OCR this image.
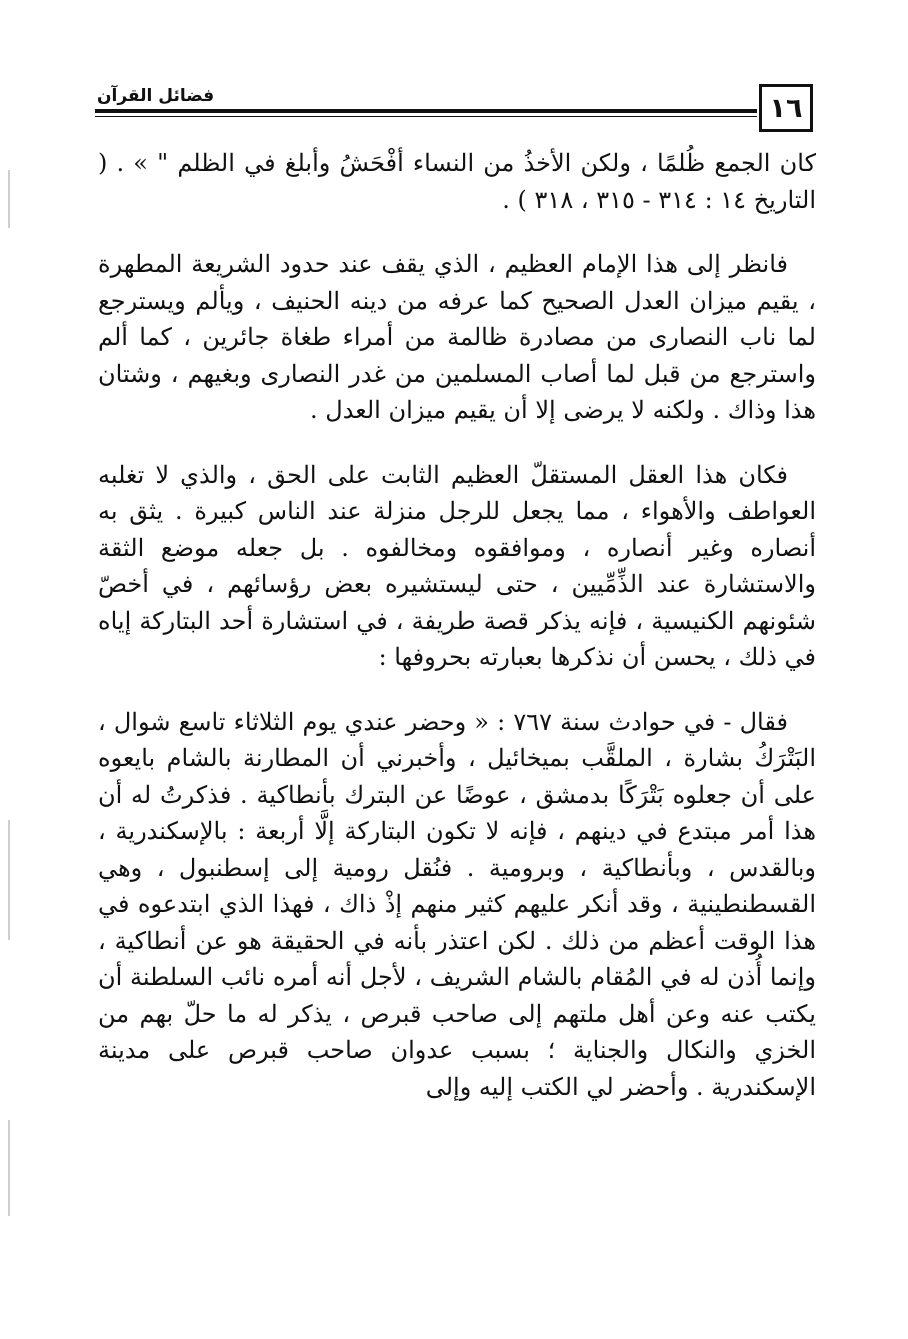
١٦
فضائل القرآن

كان الجمع ظُلمًا ، ولكن الأخذُ من النساء أفْحَشُ وأبلغ في الظلم " » . ( التاريخ ١٤ : ٣١٤ - ٣١٥ ، ٣١٨ ) .

فانظر إلى هذا الإمام العظيم ، الذي يقف عند حدود الشريعة المطهرة ، يقيم ميزان العدل الصحيح كما عرفه من دينه الحنيف ، ويألم ويسترجع لما ناب النصارى من مصادرة ظالمة من أمراء طغاة جائرين ، كما ألم واسترجع من قبل لما أصاب المسلمين من غدر النصارى وبغيهم ، وشتان هذا وذاك . ولكنه لا يرضى إلا أن يقيم ميزان العدل .

فكان هذا العقل المستقلّ العظيم الثابت على الحق ، والذي لا تغلبه العواطف والأهواء ، مما يجعل للرجل منزلة عند الناس كبيرة . يثق به أنصاره وغير أنصاره ، وموافقوه ومخالفوه . بل جعله موضع الثقة والاستشارة عند الذِّمِّيين ، حتى ليستشيره بعض رؤسائهم ، في أخصّ شئونهم الكنيسية ، فإنه يذكر قصة طريفة ، في استشارة أحد البتاركة إياه في ذلك ، يحسن أن نذكرها بعبارته بحروفها :

فقال - في حوادث سنة ٧٦٧ : « وحضر عندي يوم الثلاثاء تاسع شوال ، البَتْرَكُ بشارة ، الملقَّب بميخائيل ، وأخبرني أن المطارنة بالشام بايعوه على أن جعلوه بَتْرَكًا بدمشق ، عوضًا عن البترك بأنطاكية . فذكرتُ له أن هذا أمر مبتدع في دينهم ، فإنه لا تكون البتاركة إلَّا أربعة : بالإسكندرية ، وبالقدس ، وبأنطاكية ، وبرومية . فنُقل رومية إلى إسطنبول ، وهي القسطنطينية ، وقد أنكر عليهم كثير منهم إذْ ذاك ، فهذا الذي ابتدعوه في هذا الوقت أعظم من ذلك . لكن اعتذر بأنه في الحقيقة هو عن أنطاكية ، وإنما أُذن له في المُقام بالشام الشريف ، لأجل أنه أمره نائب السلطنة أن يكتب عنه وعن أهل ملتهم إلى صاحب قبرص ، يذكر له ما حلّ بهم من الخزي والنكال والجناية ؛ بسبب عدوان صاحب قبرص على مدينة الإسكندرية . وأحضر لي الكتب إليه وإلى
